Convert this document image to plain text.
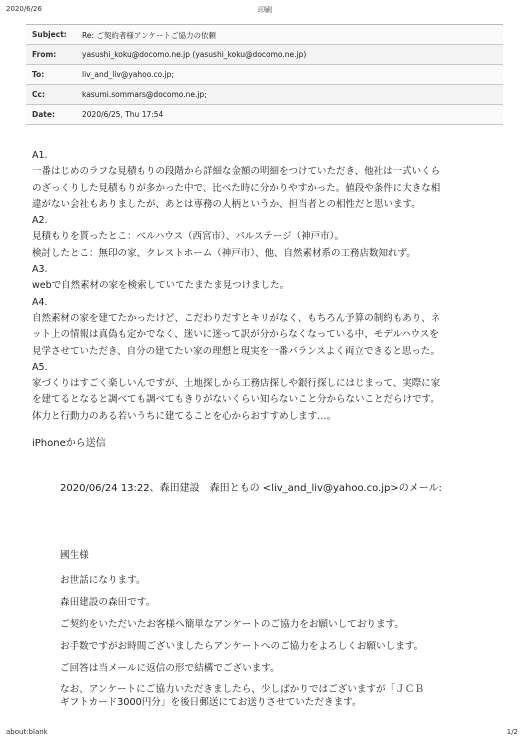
2020/6/26	印刷
Subject: Re: ご契約者様アンケートご協力の依頼
From:	yasushi_koku@docomo.ne.jp (yasushi_koku@docomo.ne.jp)
To:	liv_and_liv@yahoo.co.jp;
Cc:	kasumi.sommars@docomo.ne.jp;
Date:	2020/6/25, Thu 17:54

A1.

一番はじめのラフな見積もりの段階から詳細な金額の明細をつけていただき、他社は一式いくら

のざっくりした見積もりが多かった中で、比べた時に分かりやすかった。値段や条件に大きな相

違がない会社もありましたが、あとは専務の人柄というか、担当者との相性だと思います。

A2.

見積もりを貰ったとこ：ベルハウス（西宮市）、パルステージ（神戸市）。

検討したとこ：無印の家、クレストホーム（神戸市）、他、自然素材系の工務店数知れず。

A3.

webで自然素材の家を検索していてたまたま見つけました。

A4.

自然素材の家を建てたかったけど、こだわりだすとキリがなく、もちろん予算の制約もあり、ネ

ット上の情報は真偽も定かでなく、迷いに迷って訳が分からなくなっている中、モデルハウスを

見学させていただき、自分の建てたい家の理想と現実を一番バランスよく両立できると思った。

A5.

家づくりはすごく楽しいんですが、土地探しから工務店探しや銀行探しにはじまって、実際に家

を建てるとなると調べても調べてもきりがないくらい知らないこと分からないことだらけです。

体力と行動力のある若いうちに建てることを心からおすすめします…。

iPhoneから送信
2020/06/24 13:22、森田建設　森田ともの <liv_and_liv@yahoo.co.jp>のメール:

國生様

お世話になります。

森田建設の森田です。

ご契約をいただいたお客様へ簡単なアンケートのご協力をお願いしております。

お手数ですがお時間ございましたらアンケートへのご協力をよろしくお願いします。

ご回答は当メールに返信の形で結構でございます。

なお、アンケートにご協力いただきましたら、少しばかりではございますが「ＪＣＢ
ギフトカード3000円分」を後日郵送にてお送りさせていただきます。

about:blank	1/2
